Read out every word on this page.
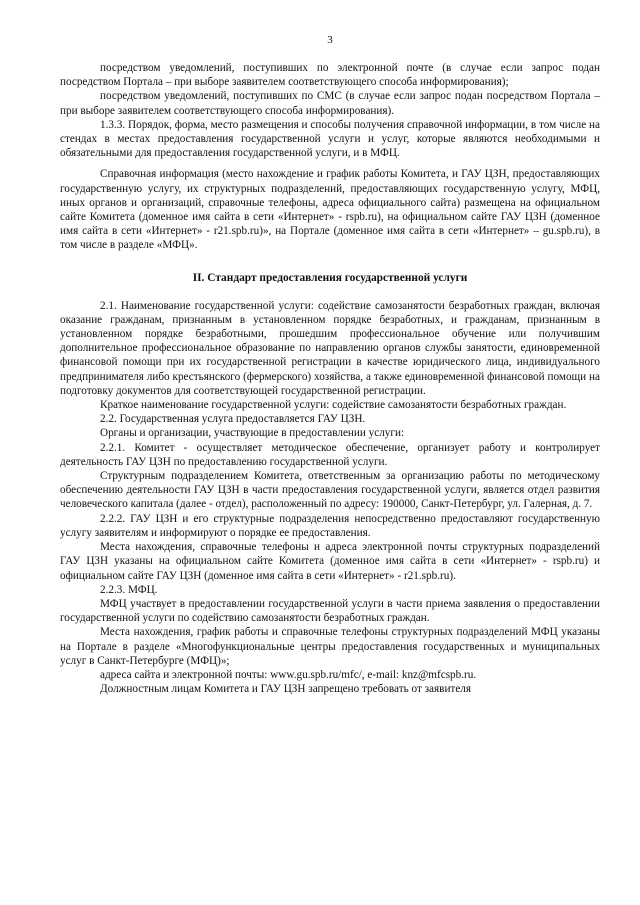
3

посредством уведомлений, поступивших по электронной почте (в случае если запрос подан посредством Портала – при выборе заявителем соответствующего способа информирования);

посредством уведомлений, поступивших по СМС (в случае если запрос подан посредством Портала – при выборе заявителем соответствующего способа информирования).

1.3.3. Порядок, форма, место размещения и способы получения справочной информации, в том числе на стендах в местах предоставления государственной услуги и услуг, которые являются необходимыми и обязательными для предоставления государственной услуги, и в МФЦ.

Справочная информация (место нахождение и график работы Комитета, и ГАУ ЦЗН, предоставляющих государственную услугу, их структурных подразделений, предоставляющих государственную услугу, МФЦ, иных органов и организаций, справочные телефоны, адреса официального сайта) размещена на официальном сайте Комитета (доменное имя сайта в сети «Интернет» - rspb.ru), на официальном сайте ГАУ ЦЗН (доменное имя сайта в сети «Интернет» - r21.spb.ru)», на Портале (доменное имя сайта в сети «Интернет» – gu.spb.ru), в том числе в разделе «МФЦ».

II. Стандарт предоставления государственной услуги

2.1. Наименование государственной услуги: содействие самозанятости безработных граждан, включая оказание гражданам, признанным в установленном порядке безработных, и гражданам, признанным в установленном порядке безработными, прошедшим профессиональное обучение или получившим дополнительное профессиональное образование по направлению органов службы занятости, единовременной финансовой помощи при их государственной регистрации в качестве юридического лица, индивидуального предпринимателя либо крестьянского (фермерского) хозяйства, а также единовременной финансовой помощи на подготовку документов для соответствующей государственной регистрации.

Краткое наименование государственной услуги: содействие самозанятости безработных граждан.

2.2. Государственная услуга предоставляется ГАУ ЦЗН.

Органы и организации, участвующие в предоставлении услуги:

2.2.1. Комитет - осуществляет методическое обеспечение, организует работу и контролирует деятельность ГАУ ЦЗН по предоставлению государственной услуги.

Структурным подразделением Комитета, ответственным за организацию работы по методическому обеспечению деятельности ГАУ ЦЗН в части предоставления государственной услуги, является отдел развития человеческого капитала (далее - отдел), расположенный по адресу: 190000, Санкт-Петербург, ул. Галерная, д. 7.

2.2.2. ГАУ ЦЗН и его структурные подразделения непосредственно предоставляют государственную услугу заявителям и информируют о порядке ее предоставления.

Места нахождения, справочные телефоны и адреса электронной почты структурных подразделений ГАУ ЦЗН указаны на официальном сайте Комитета (доменное имя сайта в сети «Интернет» - rspb.ru) и официальном сайте ГАУ ЦЗН (доменное имя сайта в сети «Интернет» - r21.spb.ru).

2.2.3. МФЦ.

МФЦ участвует в предоставлении государственной услуги в части приема заявления о предоставлении государственной услуги по содействию самозанятости безработных граждан.

Места нахождения, график работы и справочные телефоны структурных подразделений МФЦ указаны на Портале в разделе «Многофункциональные центры предоставления государственных и муниципальных услуг в Санкт-Петербурге (МФЦ)»;

адреса сайта и электронной почты: www.gu.spb.ru/mfc/, e-mail: knz@mfcspb.ru.

Должностным лицам Комитета и ГАУ ЦЗН запрещено требовать от заявителя
